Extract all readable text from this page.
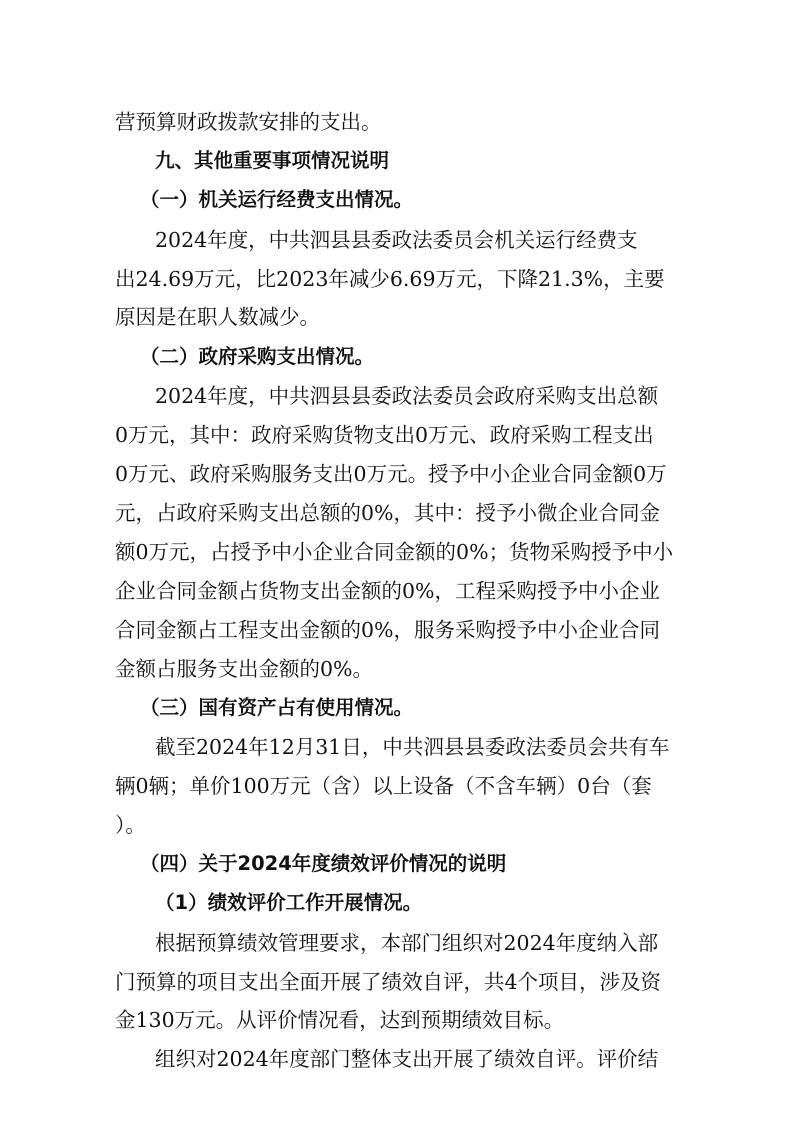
营预算财政拨款安排的支出。
九、其他重要事项情况说明
（一）机关运行经费支出情况。
2024年度，中共泗县县委政法委员会机关运行经费支
出24.69万元，比2023年减少6.69万元，下降21.3%，主要
原因是在职人数减少。
（二）政府采购支出情况。
2024年度，中共泗县县委政法委员会政府采购支出总额
0万元，其中：政府采购货物支出0万元、政府采购工程支出
0万元、政府采购服务支出0万元。授予中小企业合同金额0万
元，占政府采购支出总额的0%，其中：授予小微企业合同金
额0万元，占授予中小企业合同金额的0%；货物采购授予中小
企业合同金额占货物支出金额的0%，工程采购授予中小企业
合同金额占工程支出金额的0%，服务采购授予中小企业合同
金额占服务支出金额的0%。
（三）国有资产占有使用情况。
截至2024年12月31日，中共泗县县委政法委员会共有车
辆0辆；单价100万元（含）以上设备（不含车辆）0台（套
）。
（四）关于2024年度绩效评价情况的说明
（1）绩效评价工作开展情况。
根据预算绩效管理要求，本部门组织对2024年度纳入部
门预算的项目支出全面开展了绩效自评，共4个项目，涉及资
金130万元。从评价情况看，达到预期绩效目标。
组织对2024年度部门整体支出开展了绩效自评。评价结
